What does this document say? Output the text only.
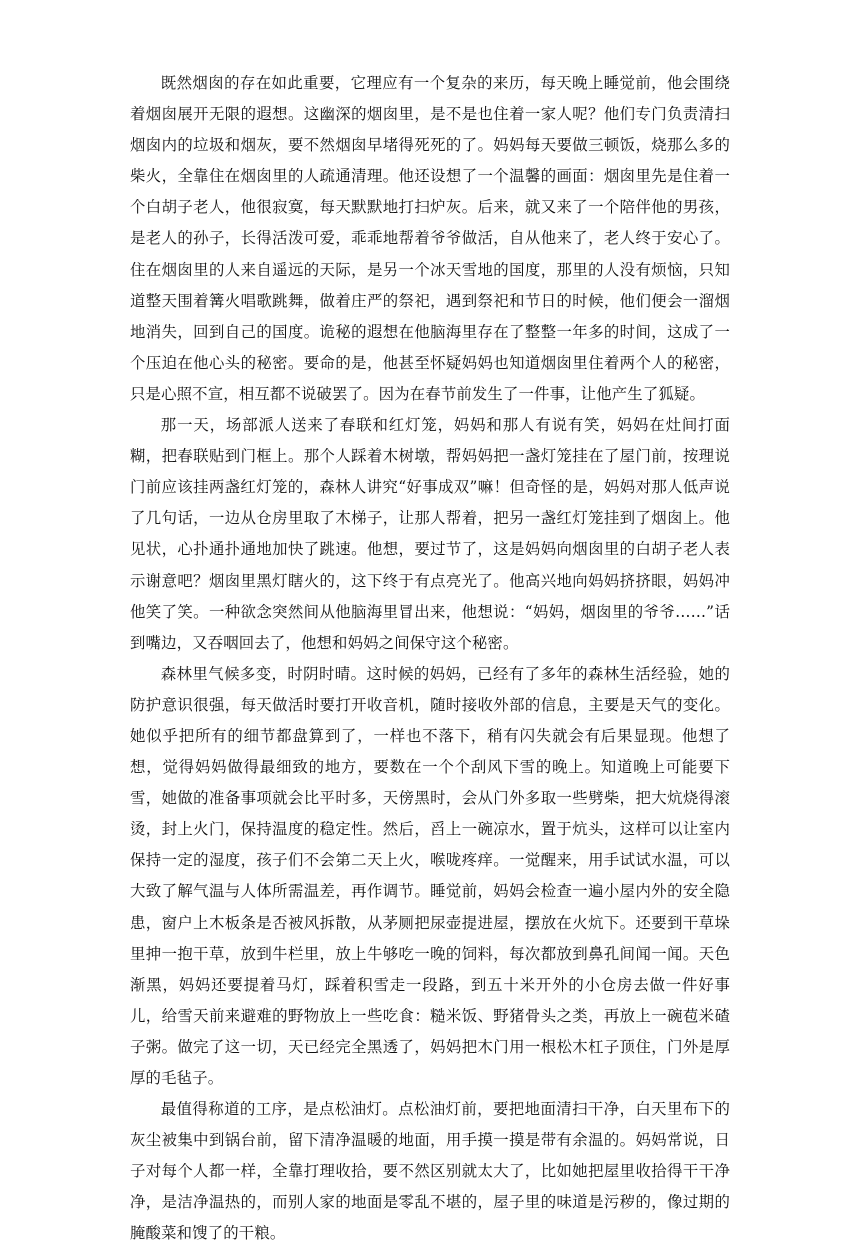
既然烟囱的存在如此重要，它理应有一个复杂的来历，每天晚上睡觉前，他会围绕着烟囱展开无限的遐想。这幽深的烟囱里，是不是也住着一家人呢？他们专门负责清扫烟囱内的垃圾和烟灰，要不然烟囱早堵得死死的了。妈妈每天要做三顿饭，烧那么多的柴火，全靠住在烟囱里的人疏通清理。他还设想了一个温馨的画面：烟囱里先是住着一个白胡子老人，他很寂寞，每天默默地打扫炉灰。后来，就又来了一个陪伴他的男孩，是老人的孙子，长得活泼可爱，乖乖地帮着爷爷做活，自从他来了，老人终于安心了。住在烟囱里的人来自遥远的天际，是另一个冰天雪地的国度，那里的人没有烦恼，只知道整天围着篝火唱歌跳舞，做着庄严的祭祀，遇到祭祀和节日的时候，他们便会一溜烟地消失，回到自己的国度。诡秘的遐想在他脑海里存在了整整一年多的时间，这成了一个压迫在他心头的秘密。要命的是，他甚至怀疑妈妈也知道烟囱里住着两个人的秘密，只是心照不宣，相互都不说破罢了。因为在春节前发生了一件事，让他产生了狐疑。

那一天，场部派人送来了春联和红灯笼，妈妈和那人有说有笑，妈妈在灶间打面糊，把春联贴到门框上。那个人踩着木树墩，帮妈妈把一盏灯笼挂在了屋门前，按理说门前应该挂两盏红灯笼的，森林人讲究“好事成双”嘛！但奇怪的是，妈妈对那人低声说了几句话，一边从仓房里取了木梯子，让那人帮着，把另一盏红灯笼挂到了烟囱上。他见状，心扑通扑通地加快了跳速。他想，要过节了，这是妈妈向烟囱里的白胡子老人表示谢意吧？烟囱里黑灯瞎火的，这下终于有点亮光了。他高兴地向妈妈挤挤眼，妈妈冲他笑了笑。一种欲念突然间从他脑海里冒出来，他想说：“妈妈，烟囱里的爷爷……”话到嘴边，又吞咽回去了，他想和妈妈之间保守这个秘密。

森林里气候多变，时阴时晴。这时候的妈妈，已经有了多年的森林生活经验，她的防护意识很强，每天做活时要打开收音机，随时接收外部的信息，主要是天气的变化。她似乎把所有的细节都盘算到了，一样也不落下，稍有闪失就会有后果显现。他想了想，觉得妈妈做得最细致的地方，要数在一个个刮风下雪的晚上。知道晚上可能要下雪，她做的准备事项就会比平时多，天傍黑时，会从门外多取一些劈柴，把大炕烧得滚烫，封上火门，保持温度的稳定性。然后，舀上一碗凉水，置于炕头，这样可以让室内保持一定的湿度，孩子们不会第二天上火，喉咙疼痒。一觉醒来，用手试试水温，可以大致了解气温与人体所需温差，再作调节。睡觉前，妈妈会检查一遍小屋内外的安全隐患，窗户上木板条是否被风拆散，从茅厕把尿壶提进屋，摆放在火炕下。还要到干草垛里抻一抱干草，放到牛栏里，放上牛够吃一晚的饲料，每次都放到鼻孔间闻一闻。天色渐黑，妈妈还要提着马灯，踩着积雪走一段路，到五十米开外的小仓房去做一件好事儿，给雪天前来避难的野物放上一些吃食：糙米饭、野猪骨头之类，再放上一碗苞米碴子粥。做完了这一切，天已经完全黑透了，妈妈把木门用一根松木杠子顶住，门外是厚厚的毛毡子。

最值得称道的工序，是点松油灯。点松油灯前，要把地面清扫干净，白天里布下的灰尘被集中到锅台前，留下清净温暖的地面，用手摸一摸是带有余温的。妈妈常说，日子对每个人都一样，全靠打理收拾，要不然区别就太大了，比如她把屋里收拾得干干净净，是洁净温热的，而别人家的地面是零乱不堪的，屋子里的味道是污秽的，像过期的腌酸菜和馊了的干粮。
